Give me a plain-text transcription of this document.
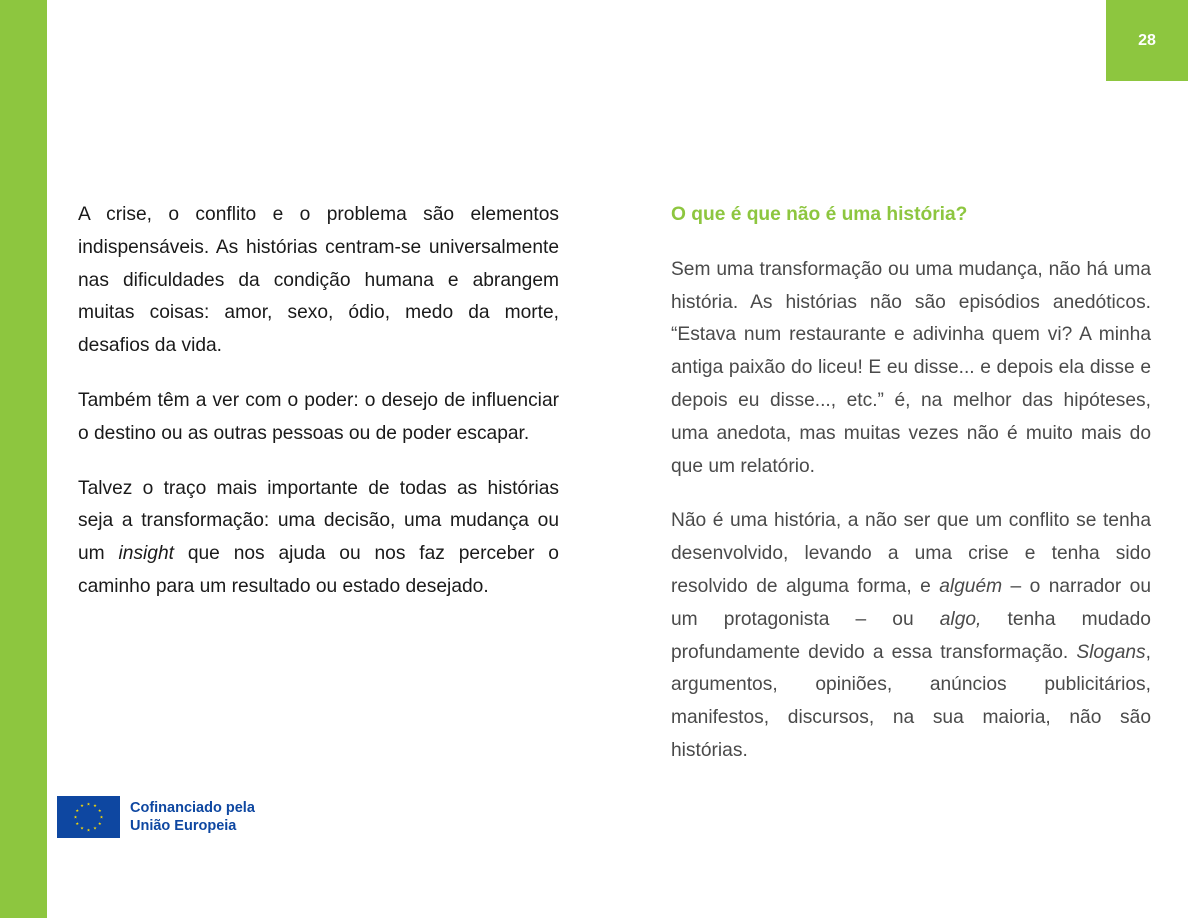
28

A crise, o conflito e o problema são elementos indispensáveis. As histórias centram-se universalmente nas dificuldades da condição humana e abrangem muitas coisas: amor, sexo, ódio, medo da morte, desafios da vida.

Também têm a ver com o poder: o desejo de influenciar o destino ou as outras pessoas ou de poder escapar.

Talvez o traço mais importante de todas as histórias seja a transformação: uma decisão, uma mudança ou um insight que nos ajuda ou nos faz perceber o caminho para um resultado ou estado desejado.

O que é que não é uma história?

Sem uma transformação ou uma mudança, não há uma história. As histórias não são episódios anedóticos. “Estava num restaurante e adivinha quem vi? A minha antiga paixão do liceu! E eu disse... e depois ela disse e depois eu disse..., etc.” é, na melhor das hipóteses, uma anedota, mas muitas vezes não é muito mais do que um relatório.

Não é uma história, a não ser que um conflito se tenha desenvolvido, levando a uma crise e tenha sido resolvido de alguma forma, e alguém – o narrador ou um protagonista – ou algo, tenha mudado profundamente devido a essa transformação. Slogans, argumentos, opiniões, anúncios publicitários, manifestos, discursos, na sua maioria, não são histórias.

★ ★
★
★
★
★
★
★
★
★
★
★	Cofinanciado pela
União Europeia
